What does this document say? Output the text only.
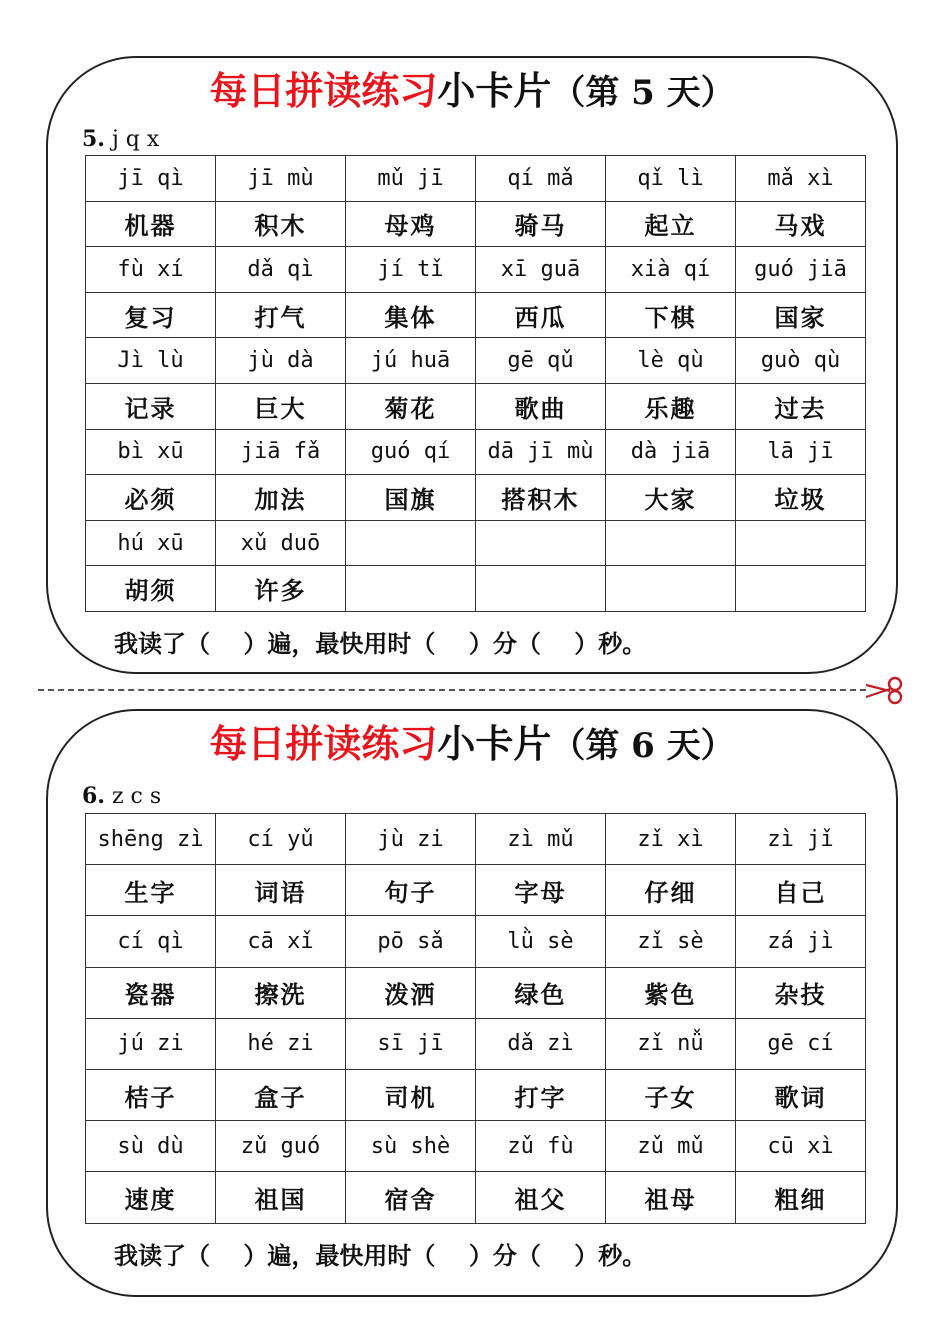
每日拼读练习小卡片（第 5 天）
5. j q x
jī qì	jī mù	mǔ jī	qí mǎ	qǐ lì	mǎ xì
机器	积木	母鸡	骑马	起立	马戏
fù xí	dǎ qì	jí tǐ	xī guā	xià qí	guó jiā
复习	打气	集体	西瓜	下棋	国家
Jì lù	jù dà	jú huā	gē qǔ	lè qù	guò qù
记录	巨大	菊花	歌曲	乐趣	过去
bì xū	jiā fǎ	guó qí	dā jī mù	dà jiā	lā jī
必须	加法	国旗	搭积木	大家	垃圾
hú xū	xǔ duō				
胡须	许多				
我读了（    ）遍，最快用时（    ）分（    ）秒。
每日拼读练习小卡片（第 6 天）
6. z c s
shēng zì	cí yǔ	jù zi	zì mǔ	zǐ xì	zì jǐ
生字	词语	句子	字母	仔细	自己
cí qì	cā xǐ	pō sǎ	lǜ sè	zǐ sè	zá jì
瓷器	擦洗	泼洒	绿色	紫色	杂技
jú zi	hé zi	sī jī	dǎ zì	zǐ nǚ	gē cí
桔子	盒子	司机	打字	子女	歌词
sù dù	zǔ guó	sù shè	zǔ fù	zǔ mǔ	cū xì
速度	祖国	宿舍	祖父	祖母	粗细
我读了（    ）遍，最快用时（    ）分（    ）秒。
